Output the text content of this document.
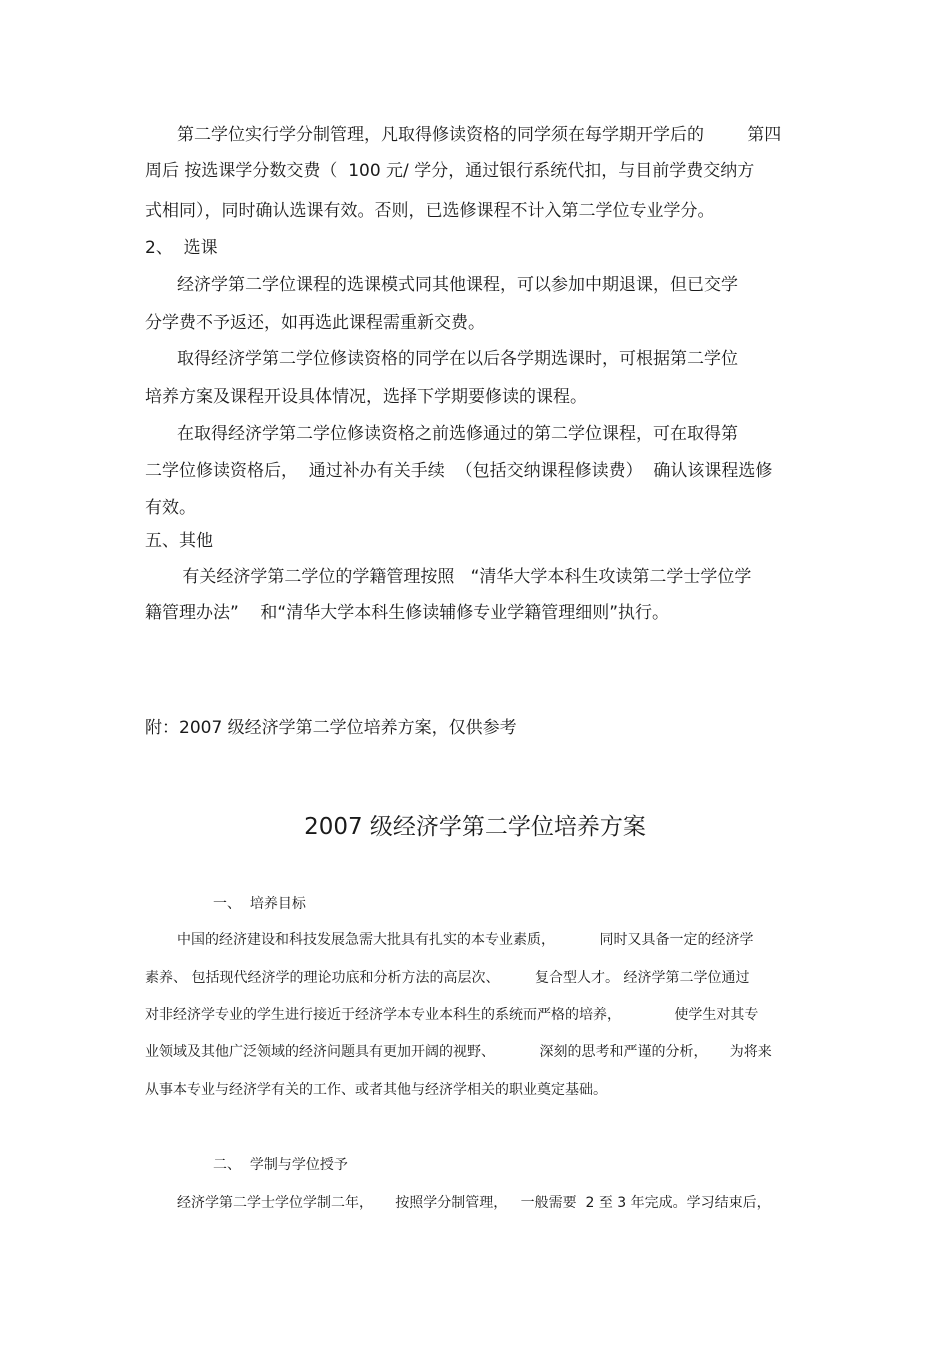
第二学位实行学分制管理，凡取得修读资格的同学须在每学期开学后的        第四
周后 按选课学分数交费（  100 元/ 学分，通过银行系统代扣，与目前学费交纳方
式相同），同时确认选课有效。否则，已选修课程不计入第二学位专业学分。
2、  选课
经济学第二学位课程的选课模式同其他课程，可以参加中期退课，但已交学
分学费不予返还，如再选此课程需重新交费。
取得经济学第二学位修读资格的同学在以后各学期选课时，可根据第二学位
培养方案及课程开设具体情况，选择下学期要修读的课程。
在取得经济学第二学位修读资格之前选修通过的第二学位课程，可在取得第
二学位修读资格后，  通过补办有关手续  （包括交纳课程修读费）  确认该课程选修
有效。
五、其他
有关经济学第二学位的学籍管理按照   “清华大学本科生攻读第二学士学位学
籍管理办法”    和“清华大学本科生修读辅修专业学籍管理细则”执行。
附：2007 级经济学第二学位培养方案，仅供参考
2007 级经济学第二学位培养方案
一、  培养目标
中国的经济建设和科技发展急需大批具有扎实的本专业素质，          同时又具备一定的经济学
素养、 包括现代经济学的理论功底和分析方法的高层次、        复合型人才。 经济学第二学位通过
对非经济学专业的学生进行接近于经济学本专业本科生的系统而严格的培养，            使学生对其专
业领域及其他广泛领域的经济问题具有更加开阔的视野、          深刻的思考和严谨的分析，     为将来
从事本专业与经济学有关的工作、或者其他与经济学相关的职业奠定基础。
二、  学制与学位授予
经济学第二学士学位学制二年，     按照学分制管理，   一般需要  2 至 3 年完成。学习结束后，
